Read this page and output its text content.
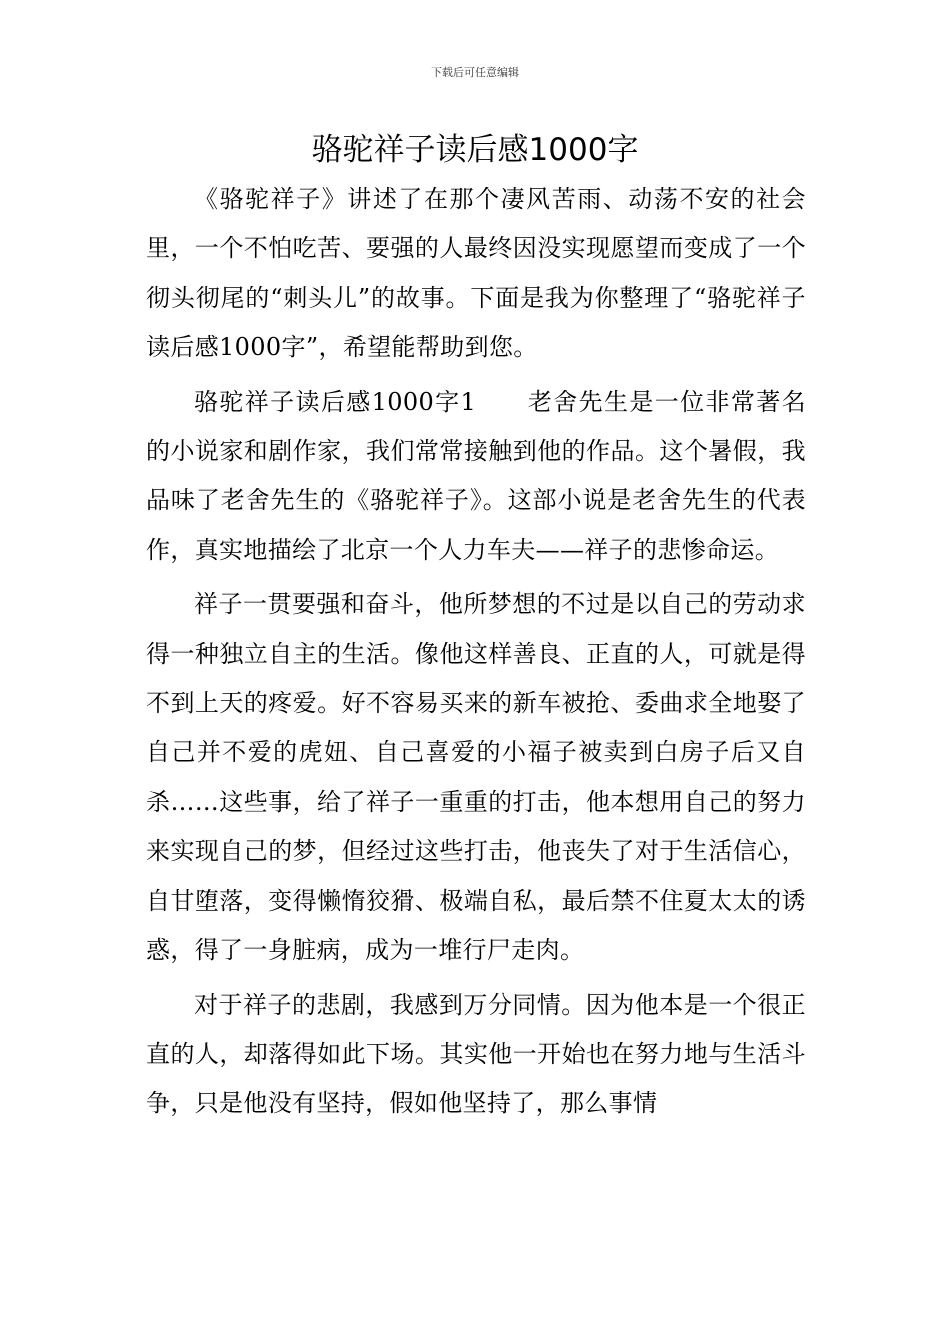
下载后可任意编辑
骆驼祥子读后感1000字

《骆驼祥子》讲述了在那个凄风苦雨、动荡不安的社会里，一个不怕吃苦、要强的人最终因没实现愿望而变成了一个彻头彻尾的“刺头儿”的故事。下面是我为你整理了“骆驼祥子读后感1000字”，希望能帮助到您。

骆驼祥子读后感1000字1　　老舍先生是一位非常著名的小说家和剧作家，我们常常接触到他的作品。这个暑假，我品味了老舍先生的《骆驼祥子》。这部小说是老舍先生的代表作，真实地描绘了北京一个人力车夫——祥子的悲惨命运。

祥子一贯要强和奋斗，他所梦想的不过是以自己的劳动求得一种独立自主的生活。像他这样善良、正直的人，可就是得不到上天的疼爱。好不容易买来的新车被抢、委曲求全地娶了自己并不爱的虎妞、自己喜爱的小福子被卖到白房子后又自杀……这些事，给了祥子一重重的打击，他本想用自己的努力来实现自己的梦，但经过这些打击，他丧失了对于生活信心，自甘堕落，变得懒惰狡猾、极端自私，最后禁不住夏太太的诱惑，得了一身脏病，成为一堆行尸走肉。

对于祥子的悲剧，我感到万分同情。因为他本是一个很正直的人，却落得如此下场。其实他一开始也在努力地与生活斗争，只是他没有坚持，假如他坚持了，那么事情
